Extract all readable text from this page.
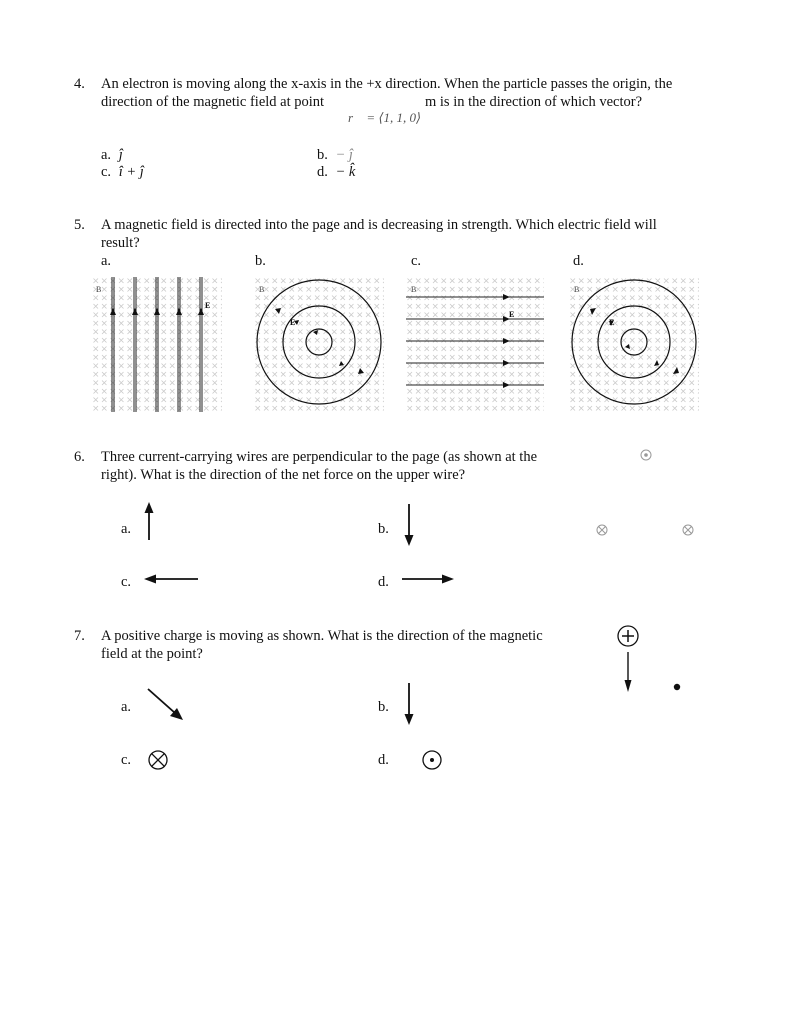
4. An electron is moving along the x-axis in the +x direction. When the particle passes the origin, the
direction of the magnetic field at point	m is in the direction of which vector?
r⃗ = ⟨1, 1, 0⟩
a. ĵ	b. − ĵ
c. î + ĵ	d. − k̂
5. A magnetic field is directed into the page and is decreasing in strength. Which electric field will
result?
a.	b.	c.	d.
B
E
B
E
B
E
B
E
6. Three current-carrying wires are perpendicular to the page (as shown at the
right). What is the direction of the net force on the upper wire?
a.	b.
c.	d.
7. A positive charge is moving as shown. What is the direction of the magnetic
field at the point?
a.	b.
c.	d.
